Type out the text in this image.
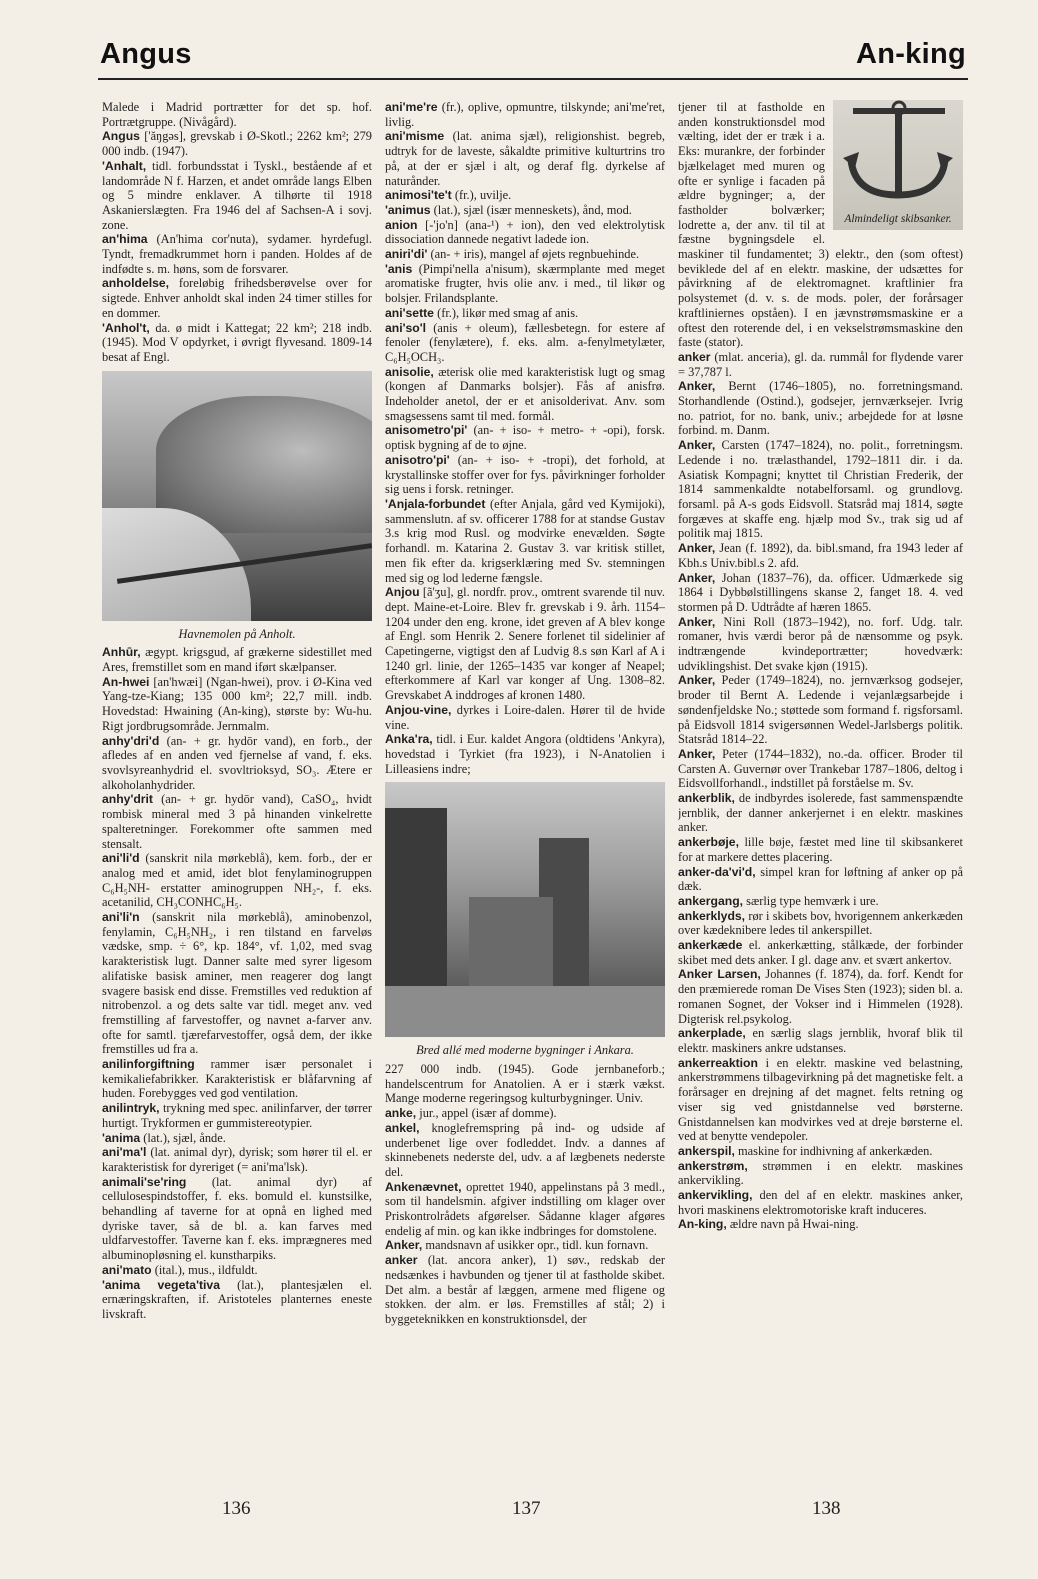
Angus	An-king

Malede i Madrid portrætter for det sp. hof. Portrætgruppe. (Nivågård).

Angus ['ăŋgəs], grevskab i Ø-Skotl.; 2262 km²; 279 000 indb. (1947).

'Anhalt, tidl. forbundsstat i Tyskl., bestående af et landområde N f. Harzen, et andet område langs Elben og 5 mindre enklaver. A tilhørte til 1918 Askanierslægten. Fra 1946 del af Sachsen-A i sovj. zone.

an'hima (An'hima cor'nuta), sydamer. hyrdefugl. Tyndt, fremadkrummet horn i panden. Holdes af de indfødte s. m. høns, som de forsvarer.

anholdelse, foreløbig frihedsberøvelse over for sigtede. Enhver anholdt skal inden 24 timer stilles for en dommer.

'Anhol't, da. ø midt i Kattegat; 22 km²; 218 indb. (1945). Mod V opdyrket, i øvrigt flyvesand. 1809-14 besat af Engl.

Havnemolen på Anholt.

Anhūr, ægypt. krigsgud, af grækerne sidestillet med Ares, fremstillet som en mand iført skælpanser.

An-hwei [an'hwæi] (Ngan-hwei), prov. i Ø-Kina ved Yang-tze-Kiang; 135 000 km²; 22,7 mill. indb. Hovedstad: Hwaining (An-king), største by: Wu-hu. Rigt jordbrugsområde. Jernmalm.

anhy'dri'd (an- + gr. hydōr vand), en forb., der afledes af en anden ved fjernelse af vand, f. eks. svovlsyreanhydrid el. svovltrioksyd, SO₃. Ætere er alkoholanhydrider.

anhy'drit (an- + gr. hydōr vand), CaSO₄, hvidt rombisk mineral med 3 på hinanden vinkelrette spalteretninger. Forekommer ofte sammen med stensalt.

ani'li'd (sanskrit nila mørkeblå), kem. forb., der er analog med et amid, idet blot fenylaminogruppen C₆H₅NH- erstatter aminogruppen NH₂-, f. eks. acetanilid, CH₃CONHC₆H₅.

ani'li'n (sanskrit nila mørkeblå), aminobenzol, fenylamin, C₆H₅NH₂, i ren tilstand en farveløs vædske, smp. ÷ 6°, kp. 184°, vf. 1,02, med svag karakteristisk lugt. Danner salte med syrer ligesom alifatiske basisk aminer, men reagerer dog langt svagere basisk end disse. Fremstilles ved reduktion af nitrobenzol. a og dets salte var tidl. meget anv. ved fremstilling af farvestoffer, og navnet a-farver anv. ofte for samtl. tjærefarvestoffer, også dem, der ikke fremstilles ud fra a.

anilinforgiftning rammer især personalet i kemikaliefabrikker. Karakteristisk er blåfarvning af huden. Forebygges ved god ventilation.

anilintryk, trykning med spec. anilinfarver, der tørrer hurtigt. Trykformen er gummistereotypier.

'anima (lat.), sjæl, ånde.

ani'ma'l (lat. animal dyr), dyrisk; som hører til el. er karakteristisk for dyreriget (= ani'ma'lsk).

animali'se'ring (lat. animal dyr) af cellulosespindstoffer, f. eks. bomuld el. kunstsilke, behandling af taverne for at opnå en lighed med dyriske taver, så de bl. a. kan farves med uldfarvestoffer. Taverne kan f. eks. imprægneres med albuminopløsning el. kunstharpiks.

ani'mato (ital.), mus., ildfuldt.

'anima vegeta'tiva (lat.), plantesjælen el. ernæringskraften, if. Aristoteles planternes eneste livskraft.

ani'me're (fr.), oplive, opmuntre, tilskynde; ani'me'ret, livlig.

ani'misme (lat. anima sjæl), religionshist. begreb, udtryk for de laveste, såkaldte primitive kulturtrins tro på, at der er sjæl i alt, og deraf flg. dyrkelse af naturånder.

animosi'te't (fr.), uvilje.

'animus (lat.), sjæl (især menneskets), ånd, mod.

anion [-'jo'n] (ana-¹) + ion), den ved elektrolytisk dissociation dannede negativt ladede ion.

aniri'di' (an- + iris), mangel af øjets regnbuehinde.

'anis (Pimpi'nella a'nisum), skærmplante med meget aromatiske frugter, hvis olie anv. i med., til likør og bolsjer. Frilandsplante.

ani'sette (fr.), likør med smag af anis.

ani'so'l (anis + oleum), fællesbetegn. for estere af fenoler (fenylætere), f. eks. alm. a-fenylmetylæter, C₆H₅OCH₃.

anisolie, æterisk olie med karakteristisk lugt og smag (kongen af Danmarks bolsjer). Fås af anisfrø. Indeholder anetol, der er et anisolderivat. Anv. som smagsessens samt til med. formål.

anisometro'pi' (an- + iso- + metro- + -opi), forsk. optisk bygning af de to øjne.

anisotro'pi' (an- + iso- + -tropi), det forhold, at krystallinske stoffer over for fys. påvirkninger forholder sig uens i forsk. retninger.

'Anjala-forbundet (efter Anjala, gård ved Kymijoki), sammenslutn. af sv. officerer 1788 for at standse Gustav 3.s krig mod Rusl. og modvirke enevælden. Søgte forhandl. m. Katarina 2. Gustav 3. var kritisk stillet, men fik efter da. krigserklæring med Sv. stemningen med sig og lod lederne fængsle.

Anjou [ã'ʒu], gl. nordfr. prov., omtrent svarende til nuv. dept. Maine-et-Loire. Blev fr. grevskab i 9. årh. 1154–1204 under den eng. krone, idet greven af A blev konge af Engl. som Henrik 2. Senere forlenet til sidelinier af Capetingerne, vigtigst den af Ludvig 8.s søn Karl af A i 1240 grl. linie, der 1265–1435 var konger af Neapel; efterkommere af Karl var konger af Ung. 1308–82. Grevskabet A inddroges af kronen 1480.

Anjou-vine, dyrkes i Loire-dalen. Hører til de hvide vine.

Anka'ra, tidl. i Eur. kaldet Angora (oldtidens 'Ankyra), hovedstad i Tyrkiet (fra 1923), i N-Anatolien i Lilleasiens indre;

Bred allé med moderne bygninger i Ankara.

227 000 indb. (1945). Gode jernbaneforb.; handelscentrum for Anatolien. A er i stærk vækst. Mange moderne regeringsog kulturbygninger. Univ.

anke, jur., appel (især af domme).

ankel, knoglefremspring på ind- og udside af underbenet lige over fodleddet. Indv. a dannes af skinnebenets nederste del, udv. a af lægbenets nederste del.

Ankenævnet, oprettet 1940, appelinstans på 3 medl., som til handelsmin. afgiver indstilling om klager over Priskontrolrådets afgørelser. Sådanne klager afgøres endelig af min. og kan ikke indbringes for domstolene.

Anker, mandsnavn af usikker opr., tidl. kun fornavn.

anker (lat. ancora anker), 1) søv., redskab der nedsænkes i havbunden og tjener til at fastholde skibet. Det alm. a består af læggen, armene med fligene og stokken. der alm. er løs. Fremstilles af stål; 2) i byggeteknikken en konstruktionsdel, der

Almindeligt skibsanker.

tjener til at fastholde en anden konstruktionsdel mod vælting, idet der er træk i a. Eks: murankre, der forbinder bjælkelaget med muren og ofte er synlige i facaden på ældre bygninger; a, der fastholder bolværker; lodrette a, der anv. til til at fæstne bygningsdele el. maskiner til fundamentet; 3) elektr., den (som oftest) beviklede del af en elektr. maskine, der udsættes for påvirkning af de elektromagnet. kraftlinier fra polsystemet (d. v. s. de mods. poler, der forårsager kraftliniernes opståen). I en jævnstrømsmaskine er a oftest den roterende del, i en vekselstrømsmaskine den faste (stator).

anker (mlat. anceria), gl. da. rummål for flydende varer = 37,787 l.

Anker, Bernt (1746–1805), no. forretningsmand. Storhandlende (Ostind.), godsejer, jernværksejer. Ivrig no. patriot, for no. bank, univ.; arbejdede for at løsne forbind. m. Danm.

Anker, Carsten (1747–1824), no. polit., forretningsm. Ledende i no. trælasthandel, 1792–1811 dir. i da. Asiatisk Kompagni; knyttet til Christian Frederik, der 1814 sammenkaldte notabelforsaml. og grundlovg. forsaml. på A-s gods Eidsvoll. Statsråd maj 1814, søgte forgæves at skaffe eng. hjælp mod Sv., trak sig ud af politik maj 1815.

Anker, Jean (f. 1892), da. bibl.smand, fra 1943 leder af Kbh.s Univ.bibl.s 2. afd.

Anker, Johan (1837–76), da. officer. Udmærkede sig 1864 i Dybbølstillingens skanse 2, fanget 18. 4. ved stormen på D. Udtrådte af hæren 1865.

Anker, Nini Roll (1873–1942), no. forf. Udg. talr. romaner, hvis værdi beror på de nænsomme og psyk. indtrængende kvindeportrætter; hovedværk: udviklingshist. Det svake kjøn (1915).

Anker, Peder (1749–1824), no. jernværksog godsejer, broder til Bernt A. Ledende i vejanlægsarbejde i søndenfjeldske No.; støttede som formand f. rigsforsaml. på Eidsvoll 1814 svigersønnen Wedel-Jarlsbergs politik. Statsråd 1814–22.

Anker, Peter (1744–1832), no.-da. officer. Broder til Carsten A. Guvernør over Trankebar 1787–1806, deltog i Eidsvollforhandl., indstillet på forståelse m. Sv.

ankerblik, de indbyrdes isolerede, fast sammenspændte jernblik, der danner ankerjernet i en elektr. maskines anker.

ankerbøje, lille bøje, fæstet med line til skibsankeret for at markere dettes placering.

anker-da'vi'd, simpel kran for løftning af anker op på dæk.

ankergang, særlig type hemværk i ure.

ankerklyds, rør i skibets bov, hvorigennem ankerkæden over kædeknibere ledes til ankerspillet.

ankerkæde el. ankerkætting, stålkæde, der forbinder skibet med dets anker. I gl. dage anv. et svært ankertov.

Anker Larsen, Johannes (f. 1874), da. forf. Kendt for den præmierede roman De Vises Sten (1923); siden bl. a. romanen Sognet, der Vokser ind i Himmelen (1928). Digterisk rel.psykolog.

ankerplade, en særlig slags jernblik, hvoraf blik til elektr. maskiners ankre udstanses.

ankerreaktion i en elektr. maskine ved belastning, ankerstrømmens tilbagevirkning på det magnetiske felt. a forårsager en drejning af det magnet. felts retning og viser sig ved gnistdannelse ved børsterne. Gnistdannelsen kan modvirkes ved at dreje børsterne el. ved at benytte vendepoler.

ankerspil, maskine for indhivning af ankerkæden.

ankerstrøm, strømmen i en elektr. maskines ankervikling.

ankervikling, den del af en elektr. maskines anker, hvori maskinens elektromotoriske kraft induceres.

An-king, ældre navn på Hwai-ning.

136	137	138
